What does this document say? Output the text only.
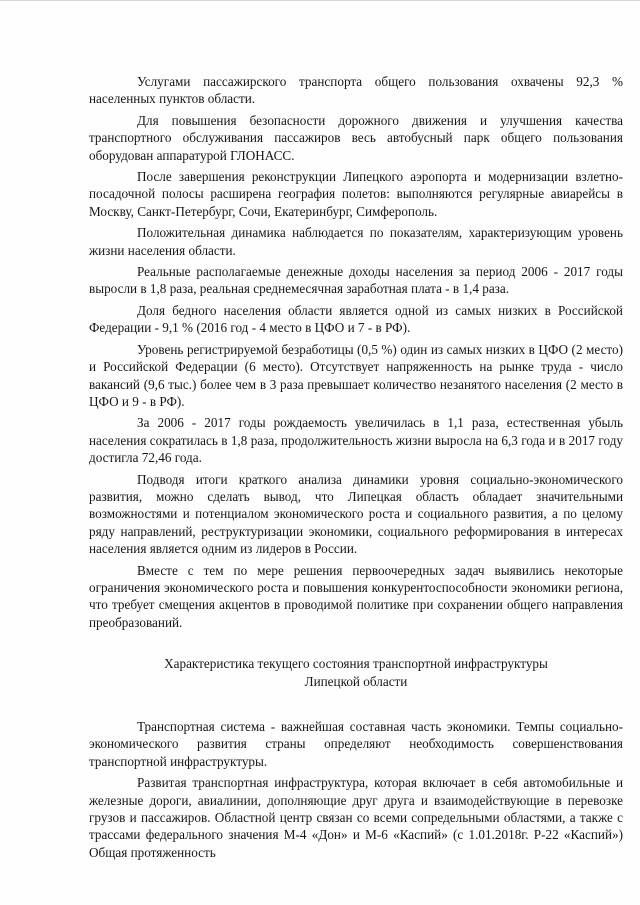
Услугами пассажирского транспорта общего пользования охвачены 92,3 % населенных пунктов области.

Для повышения безопасности дорожного движения и улучшения качества транспортного обслуживания пассажиров весь автобусный парк общего пользования оборудован аппаратурой ГЛОНАСС.

После завершения реконструкции Липецкого аэропорта и модернизации взлетно-посадочной полосы расширена география полетов: выполняются регулярные авиарейсы в Москву, Санкт-Петербург, Сочи, Екатеринбург, Симферополь.

Положительная динамика наблюдается по показателям, характеризующим уровень жизни населения области.

Реальные располагаемые денежные доходы населения за период 2006 - 2017 годы выросли в 1,8 раза, реальная среднемесячная заработная плата - в 1,4 раза.

Доля бедного населения области является одной из самых низких в Российской Федерации - 9,1 % (2016 год - 4 место в ЦФО и 7 - в РФ).

Уровень регистрируемой безработицы (0,5 %) один из самых низких в ЦФО (2 место) и Российской Федерации (6 место). Отсутствует напряженность на рынке труда - число вакансий (9,6 тыс.) более чем в 3 раза превышает количество незанятого населения (2 место в ЦФО и 9 - в РФ).

За 2006 - 2017 годы рождаемость увеличилась в 1,1 раза, естественная убыль населения сократилась в 1,8 раза, продолжительность жизни выросла на 6,3 года и в 2017 году достигла 72,46 года.

Подводя итоги краткого анализа динамики уровня социально-экономического развития, можно сделать вывод, что Липецкая область обладает значительными возможностями и потенциалом экономического роста и социального развития, а по целому ряду направлений, реструктуризации экономики, социального реформирования в интересах населения является одним из лидеров в России.

Вместе с тем по мере решения первоочередных задач выявились некоторые ограничения экономического роста и повышения конкурентоспособности экономики региона, что требует смещения акцентов в проводимой политике при сохранении общего направления преобразований.

Характеристика текущего состояния транспортной инфраструктуры
Липецкой области

Транспортная система - важнейшая составная часть экономики. Темпы социально-экономического развития страны определяют необходимость совершенствования транспортной инфраструктуры.

Развитая транспортная инфраструктура, которая включает в себя автомобильные и железные дороги, авиалинии, дополняющие друг друга и взаимодействующие в перевозке грузов и пассажиров. Областной центр связан со всеми сопредельными областями, а также с трассами федерального значения М-4 «Дон» и М-6 «Каспий» (с 1.01.2018г. Р-22 «Каспий») Общая протяженность
